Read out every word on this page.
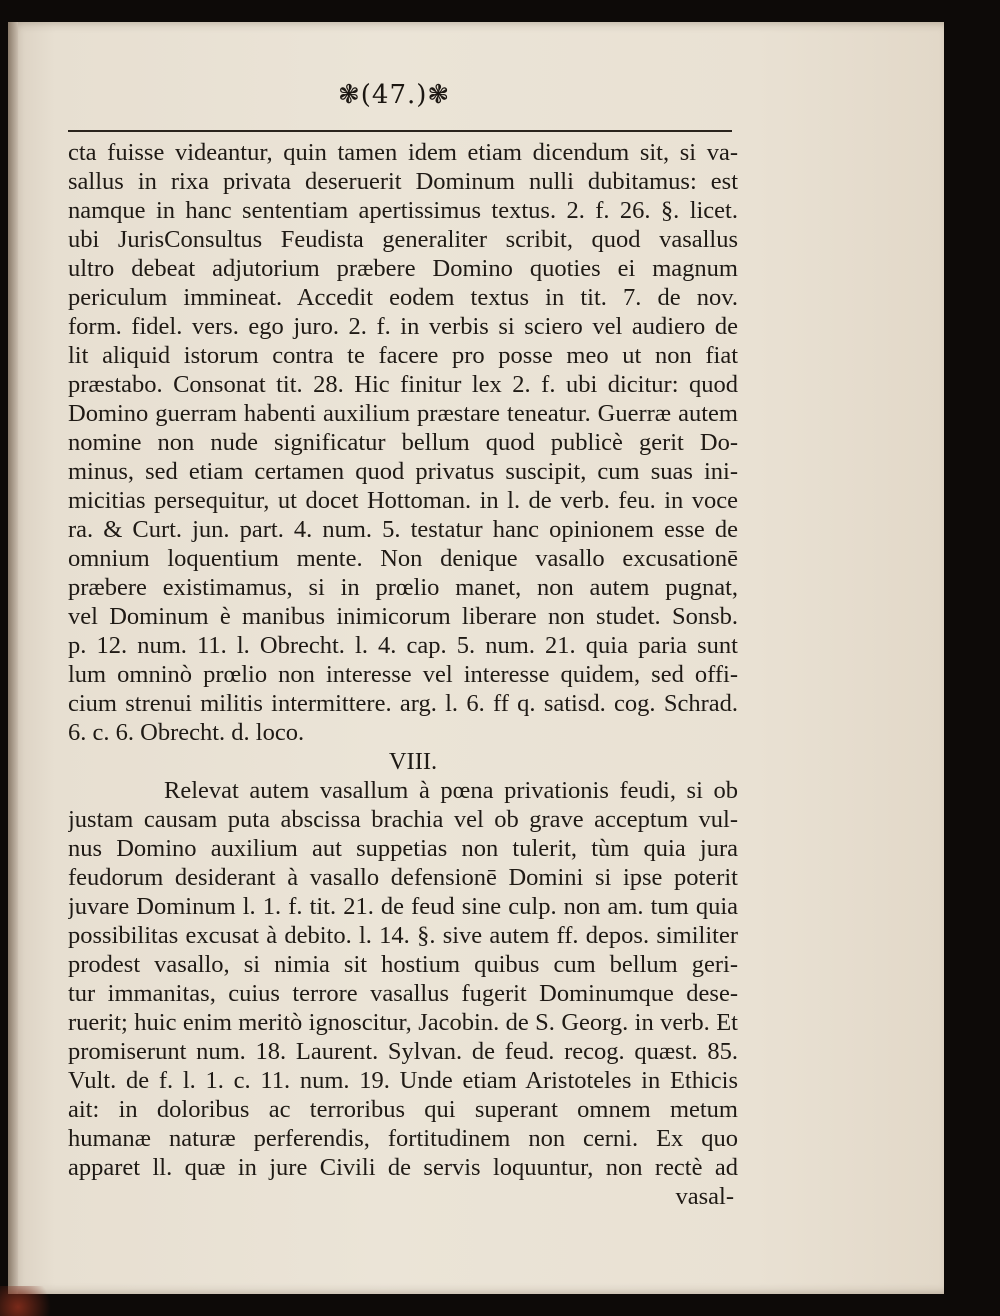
❃(47.)❃
cta fuisse videantur, quin tamen idem etiam dicendum sit, si va-
sallus in rixa privata deseruerit Dominum nulli dubitamus: est
namque in hanc sententiam apertissimus textus. 2. f. 26. §. licet.
ubi JurisConsultus Feudista generaliter scribit, quod vasallus
ultro debeat adjutorium præbere Domino quoties ei magnum
periculum immineat. Accedit eodem textus in tit. 7. de nov.
form. fidel. vers. ego juro. 2. f. in verbis si sciero vel audiero de
lit aliquid istorum contra te facere pro posse meo ut non fiat
præstabo. Consonat tit. 28. Hic finitur lex 2. f. ubi dicitur: quod
Domino guerram habenti auxilium præstare teneatur. Guerræ autem
nomine non nude significatur bellum quod publicè gerit Do-
minus, sed etiam certamen quod privatus suscipit, cum suas ini-
micitias persequitur, ut docet Hottoman. in l. de verb. feu. in voce
ra. & Curt. jun. part. 4. num. 5. testatur hanc opinionem esse de
omnium loquentium mente. Non denique vasallo excusationē
præbere existimamus, si in prœlio manet, non autem pugnat,
vel Dominum è manibus inimicorum liberare non studet. Sonsb.
p. 12. num. 11. l. Obrecht. l. 4. cap. 5. num. 21. quia paria sunt
lum omninò prœlio non interesse vel interesse quidem, sed offi-
cium strenui militis intermittere. arg. l. 6. ff q. satisd. cog. Schrad.
6. c. 6. Obrecht. d. loco.
VIII.
Relevat autem vasallum à pœna privationis feudi, si ob
justam causam puta abscissa brachia vel ob grave acceptum vul-
nus Domino auxilium aut suppetias non tulerit, tùm quia jura
feudorum desiderant à vasallo defensionē Domini si ipse poterit
juvare Dominum l. 1. f. tit. 21. de feud sine culp. non am. tum quia
possibilitas excusat à debito. l. 14. §. sive autem ff. depos. similiter
prodest vasallo, si nimia sit hostium quibus cum bellum geri-
tur immanitas, cuius terrore vasallus fugerit Dominumque dese-
ruerit; huic enim meritò ignoscitur, Jacobin. de S. Georg. in verb. Et
promiserunt num. 18. Laurent. Sylvan. de feud. recog. quæst. 85.
Vult. de f. l. 1. c. 11. num. 19. Unde etiam Aristoteles in Ethicis
ait: in doloribus ac terroribus qui superant omnem metum
humanæ naturæ perferendis, fortitudinem non cerni. Ex quo
apparet ll. quæ in jure Civili de servis loquuntur, non rectè ad
vasal-
